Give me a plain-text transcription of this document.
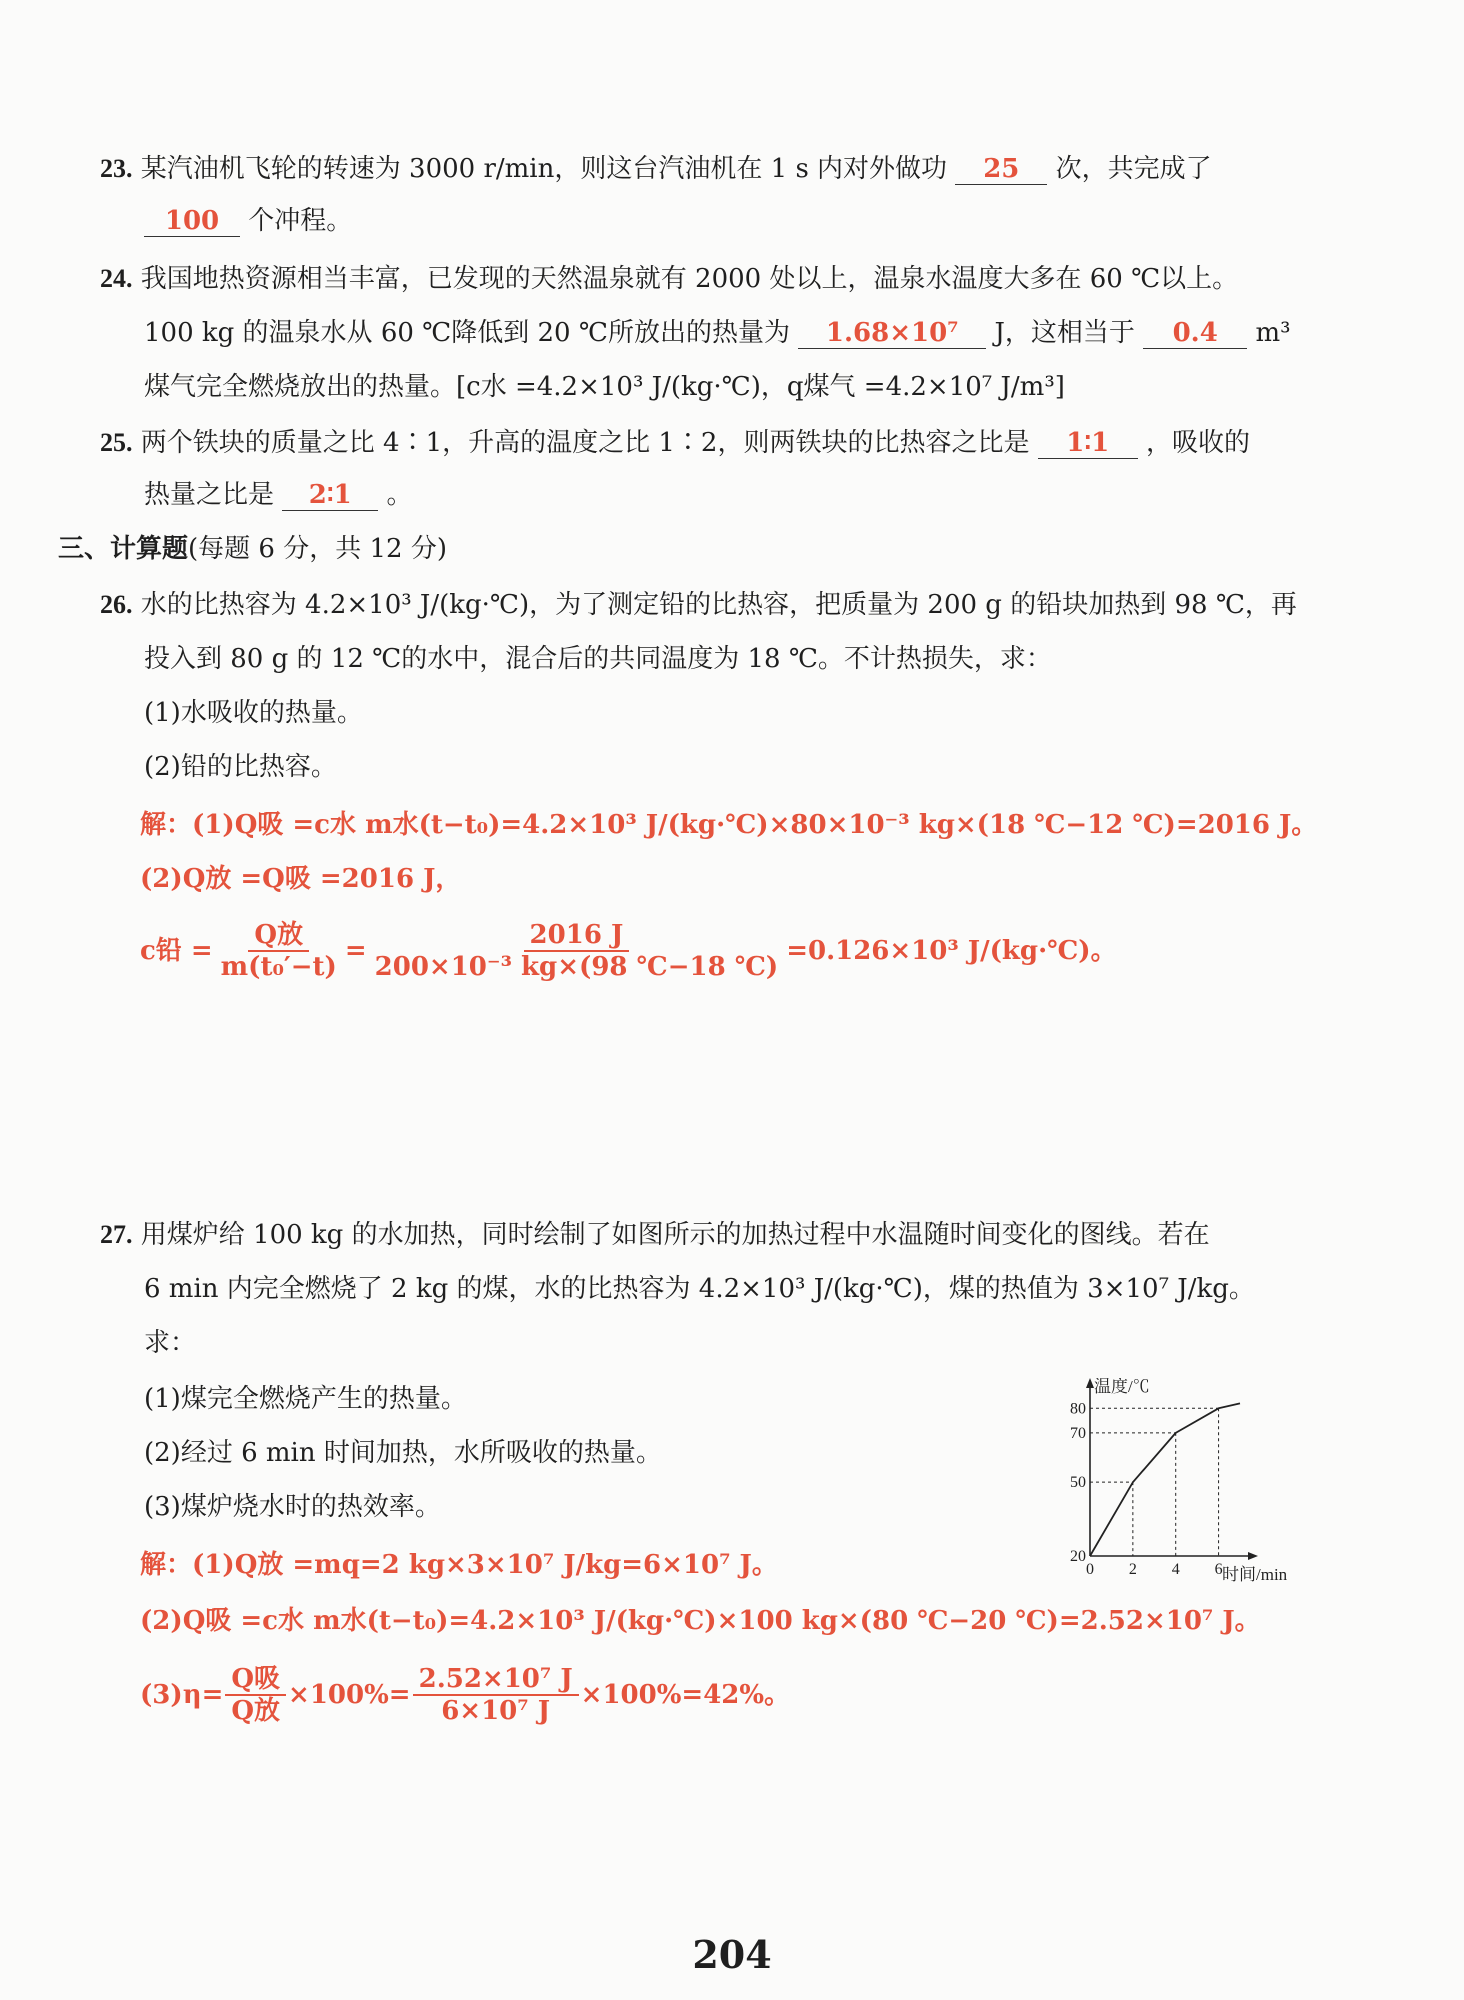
23. 某汽油机飞轮的转速为 3000 r/min，则这台汽油机在 1 s 内对外做功 25 次，共完成了
100 个冲程。
24. 我国地热资源相当丰富，已发现的天然温泉就有 2000 处以上，温泉水温度大多在 60 ℃以上。
100 kg 的温泉水从 60 ℃降低到 20 ℃所放出的热量为 1.68×10⁷ J，这相当于 0.4 m³
煤气完全燃烧放出的热量。[c水 =4.2×10³ J/(kg·℃)，q煤气 =4.2×10⁷ J/m³]
25. 两个铁块的质量之比 4∶1，升高的温度之比 1∶2，则两铁块的比热容之比是 1∶1 ，吸收的
热量之比是 2∶1 。
三、计算题(每题 6 分，共 12 分)
26. 水的比热容为 4.2×10³ J/(kg·℃)，为了测定铅的比热容，把质量为 200 g 的铅块加热到 98 ℃，再
投入到 80 g 的 12 ℃的水中，混合后的共同温度为 18 ℃。不计热损失，求：
(1)水吸收的热量。
(2)铅的比热容。
解：(1)Q吸 =c水 m水(t−t₀)=4.2×10³ J/(kg·℃)×80×10⁻³ kg×(18 ℃−12 ℃)=2016 J。
(2)Q放 =Q吸 =2016 J，
c铅 = $\frac{\text{Q放}}{\text{m(t₀′−t)}} = \frac{2016 J}{\text{200×10⁻³ kg×(98 ℃−18 ℃)}} =0.126\times 10^3$ J/(kg·℃)。
27. 用煤炉给 100 kg 的水加热，同时绘制了如图所示的加热过程中水温随时间变化的图线。若在
6 min 内完全燃烧了 2 kg 的煤，水的比热容为 4.2×10³ J/(kg·℃)，煤的热值为 3×10⁷ J/kg。
求：
(1)煤完全燃烧产生的热量。
(2)经过 6 min 时间加热，水所吸收的热量。
(3)煤炉烧水时的热效率。
解：(1)Q放 =mq=2 kg×3×10⁷ J/kg=6×10⁷ J。
(2)Q吸 =c水 m水(t−t₀)=4.2×10³ J/(kg·℃)×100 kg×(80 ℃−20 ℃)=2.52×10⁷ J。
$(3)\eta= \frac{\text{Q吸}}{\text{Q放}} \times 100\%= \frac{\text{2.52×10⁷ J}}{\text{6×10⁷ J}} \times 100\%=42\%$。
0 2 4 6
20
50
70
80
温度/℃
时间/min
204
